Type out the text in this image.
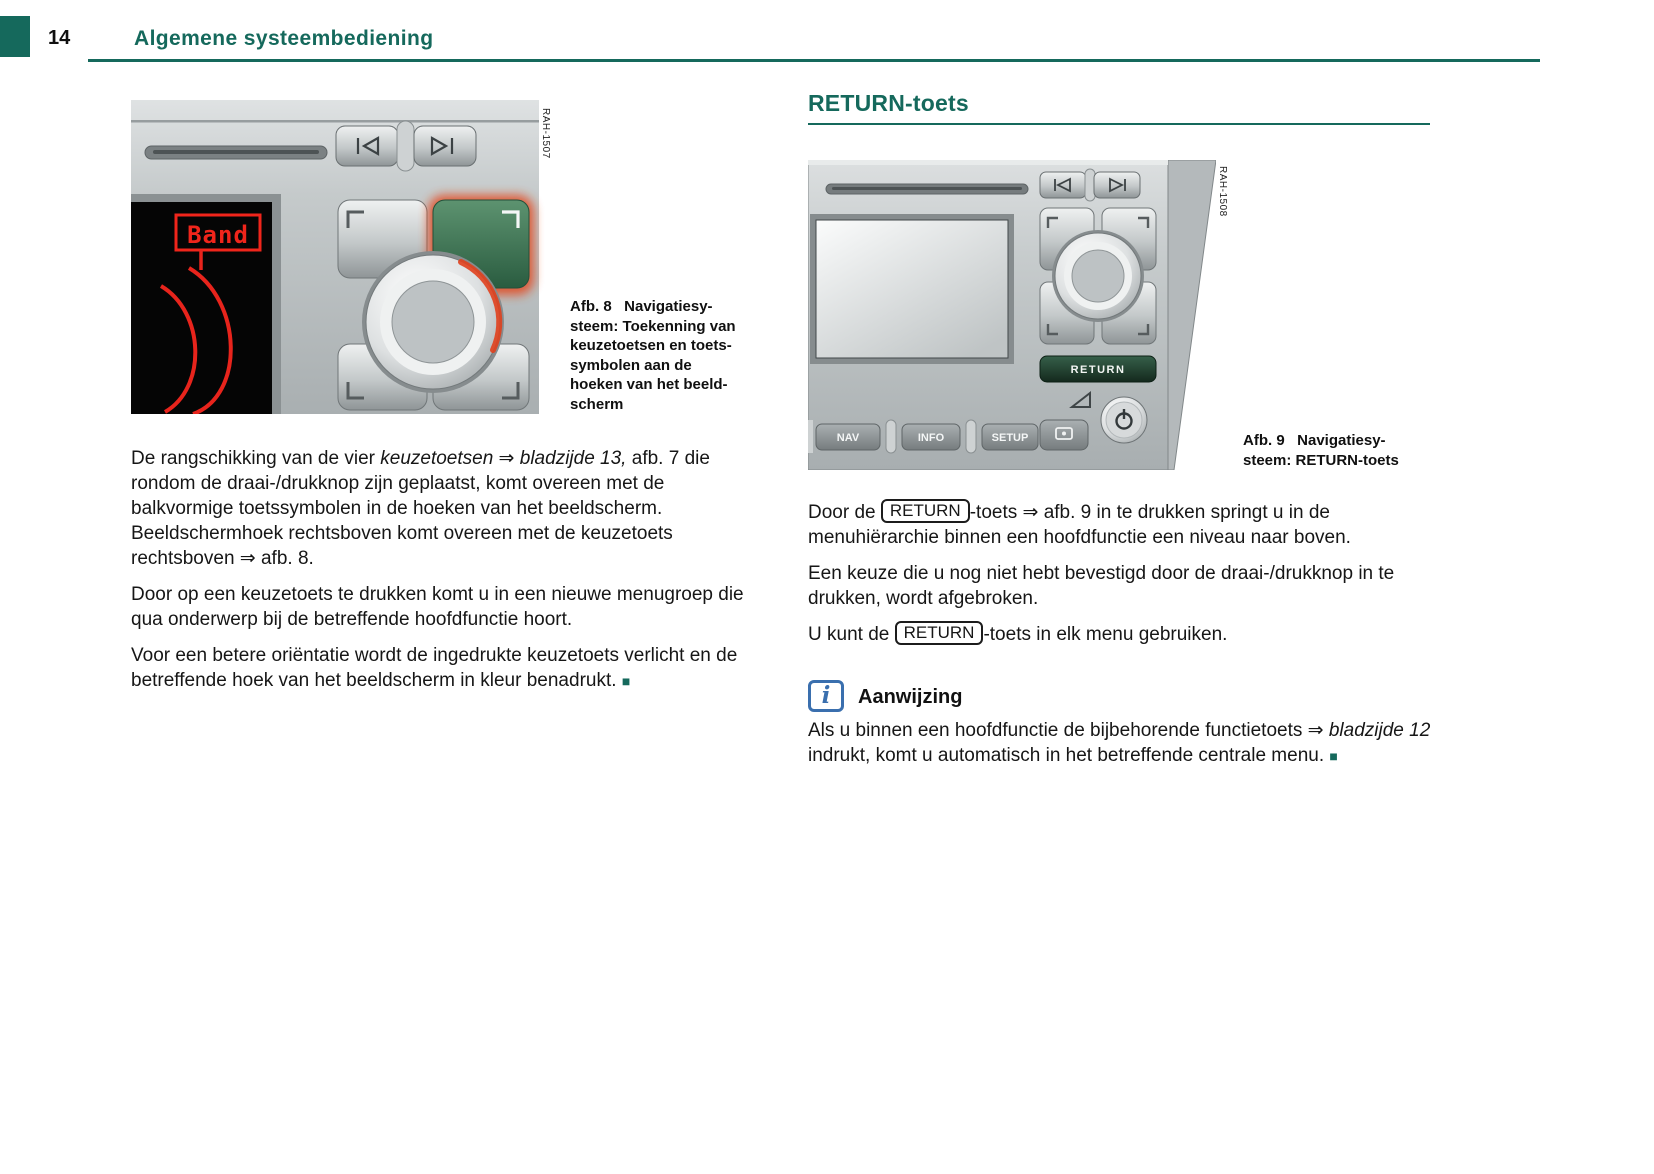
14	Algemene systeembediening
RAH-1507
Band
Afb. 8   Navigatiesy-
steem: Toekenning van
keuzetoetsen en toets-
symbolen aan de
hoeken van het beeld-
scherm

De rangschikking van de vier keuzetoetsen ⇒ bladzijde 13, afb. 7 die rondom de draai-/drukknop zijn geplaatst, komt overeen met de balkvormige toetssymbolen in de hoeken van het beeldscherm. Beeldschermhoek rechtsboven komt overeen met de keuzetoets rechtsboven ⇒ afb. 8.

Door op een keuzetoets te drukken komt u in een nieuwe menugroep die qua onderwerp bij de betreffende hoofdfunctie hoort.

Voor een betere oriëntatie wordt de ingedrukte keuzetoets verlicht en de betreffende hoek van het beeldscherm in kleur benadrukt. ■

RETURN-toets
RAH-1508
RETURN
NAV	INFO	SETUP	Afb. 9   Navigatiesy-
steem: RETURN-toets

Door de RETURN -toets ⇒ afb. 9 in te drukken springt u in de menuhiërarchie binnen een hoofdfunctie een niveau naar boven.

Een keuze die u nog niet hebt bevestigd door de draai-/drukknop in te drukken, wordt afgebroken.

U kunt de RETURN -toets in elk menu gebruiken.

i	Aanwijzing

Als u binnen een hoofdfunctie de bijbehorende functietoets ⇒ bladzijde 12 indrukt, komt u automatisch in het betreffende centrale menu. ■
